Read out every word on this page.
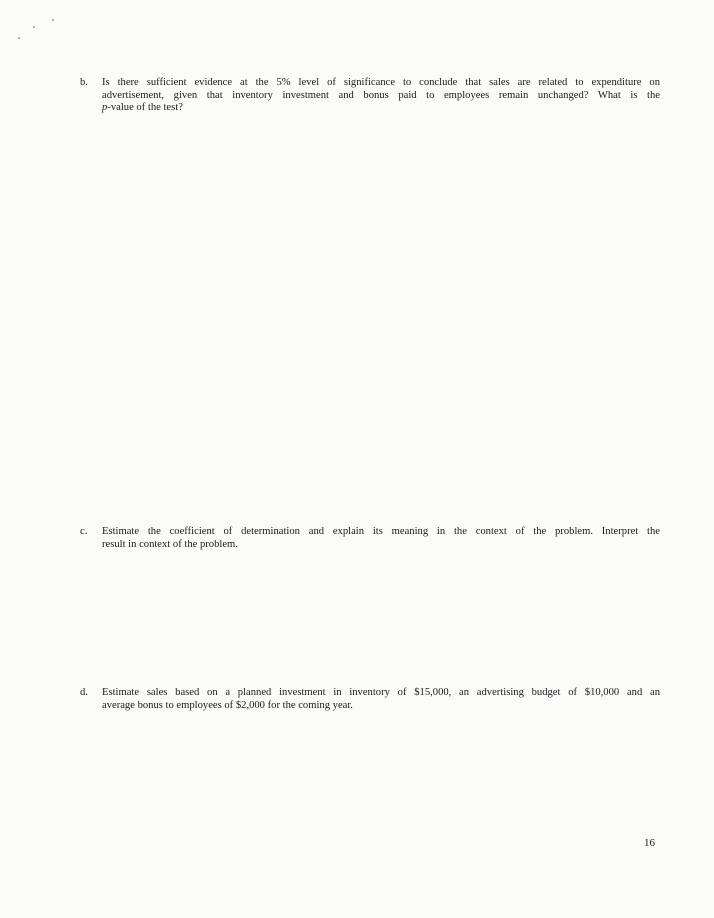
b.	Is there sufficient evidence at the 5% level of significance to conclude that sales are related to expenditure on
advertisement, given that inventory investment and bonus paid to employees remain unchanged? What is the
p-value of the test?
c.	Estimate the coefficient of determination and explain its meaning in the context of the problem. Interpret the
result in context of the problem.
d.	Estimate sales based on a planned investment in inventory of $15,000, an advertising budget of $10,000 and an
average bonus to employees of $2,000 for the coming year.
16
